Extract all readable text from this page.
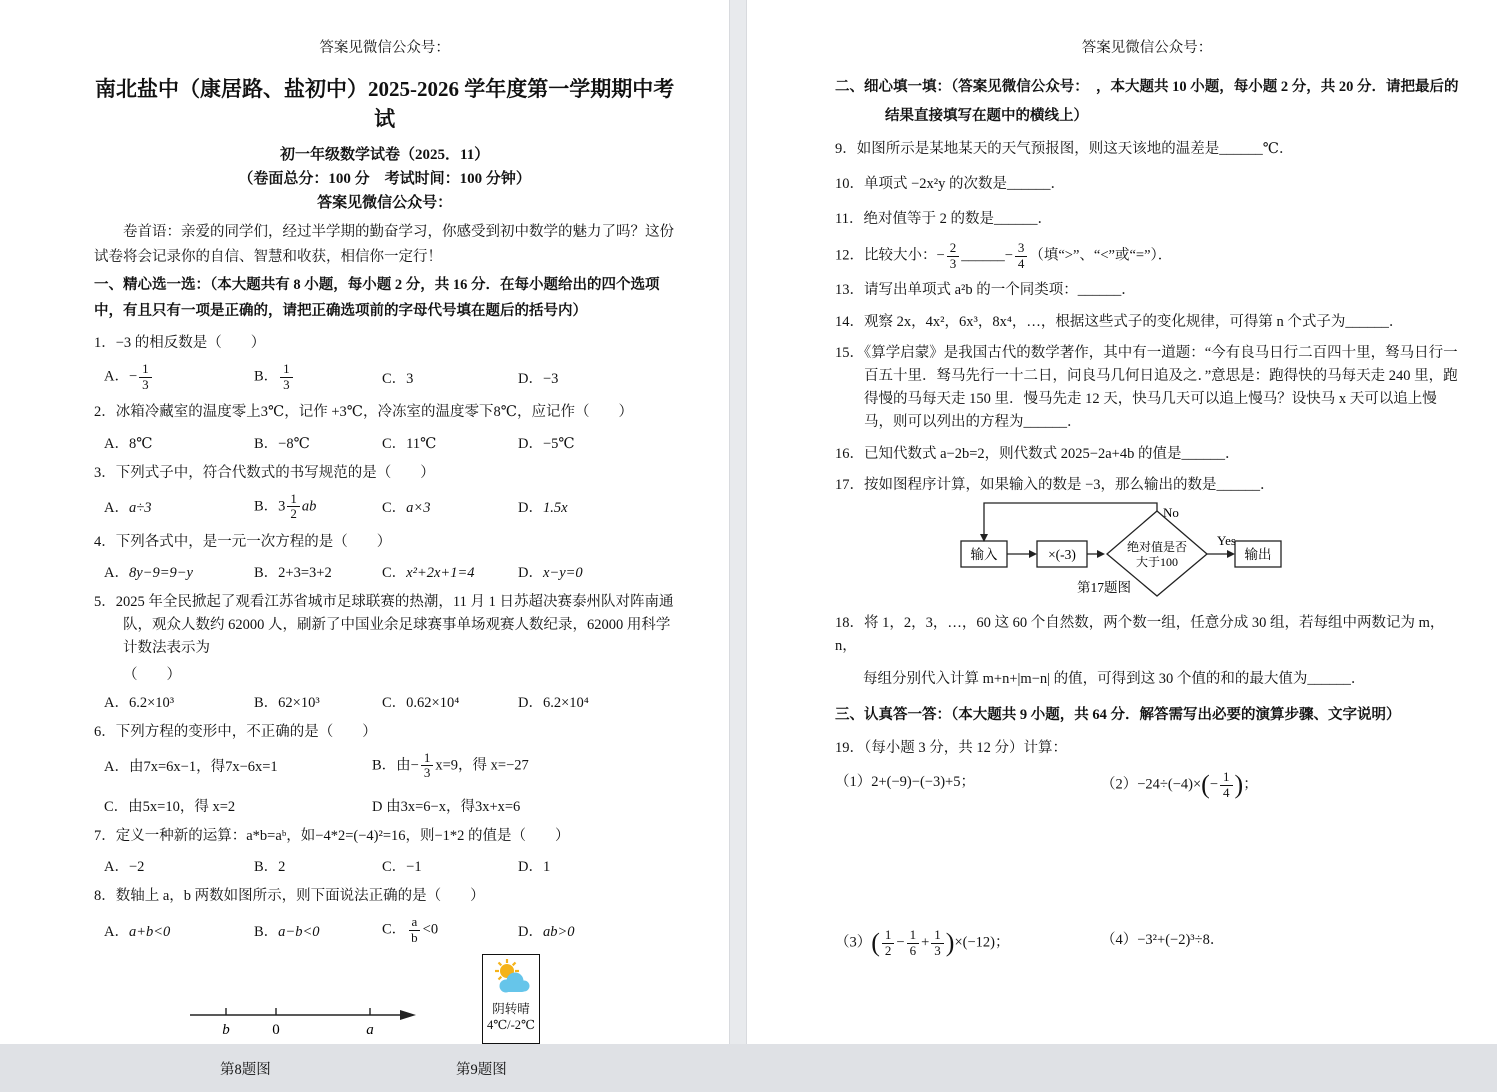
答案见微信公众号：
南北盐中（康居路、盐初中）2025-2026 学年度第一学期期中考试
初一年级数学试卷（2025．11）
（卷面总分：100 分　考试时间：100 分钟）
答案见微信公众号：
卷首语：亲爱的同学们，经过半学期的勤奋学习，你感受到初中数学的魅力了吗？这份试卷将会记录你的自信、智慧和收获，相信你一定行！
一、精心选一选：（本大题共有 8 小题，每小题 2 分，共 16 分．在每小题给出的四个选项中，有且只有一项是正确的，请把正确选项前的字母代号填在题后的括号内）
1．−3 的相反数是（　　）
A．− $\frac{1}{3}$	B． $\frac{1}{3}$	C．3	D．−3
2．冰箱冷藏室的温度零上3℃，记作 +3℃，冷冻室的温度零下8℃，应记作（　　）
A．8℃	B．−8℃	C．11℃	D．−5℃
3．下列式子中，符合代数式的书写规范的是（　　）
A．a÷3	B．$3 \frac{1}{2}$ ab	C．a×3	D．1.5x
4．下列各式中，是一元一次方程的是（　　）
A．8y−9=9−y	B．2+3=3+2	C．x²+2x+1=4	D．x−y=0
5．2025 年全民掀起了观看江苏省城市足球联赛的热潮，11 月 1 日苏超决赛泰州队对阵南通队，观众人数约 62000 人，刷新了中国业余足球赛事单场观赛人数纪录，62000 用科学计数法表示为
（　　）
A．6.2×10³	B．62×10³	C．0.62×10⁴	D．6.2×10⁴
6．下列方程的变形中，不正确的是（　　）
A．由7x=6x−1，得7x−6x=1	B．由− $\frac{1}{3} x=9$，得 x=−27
C．由5x=10，得 x=2	D 由3x=6−x，得3x+x=6
7．定义一种新的运算：a*b=aᵇ，如−4*2=(−4)²=16，则−1*2 的值是（　　）
A．−2	B．2	C．−1	D．1
8．数轴上 a，b 两数如图所示，则下面说法正确的是（　　）
A．a+b<0	B．a−b<0	C． $\frac{a}{b} <0$	D．ab>0
b	0	a
阴转晴
4℃/-2℃
第8题图	第9题图
答案见微信公众号：
二、细心填一填：（答案见微信公众号：　，本大题共 10 小题，每小题 2 分，共 20 分．请把最后的
结果直接填写在题中的横线上）
9．如图所示是某地某天的天气预报图，则这天该地的温差是______℃．
10．单项式 −2x²y 的次数是______．
11．绝对值等于 2 的数是______．
12．比较大小：− $\frac{2}{3}$ ______− $\frac{3}{4}$ （填“>”、“<”或“=”）．
13．请写出单项式 a²b 的一个同类项：______．
14．观察 2x，4x²，6x³，8x⁴，…，根据这些式子的变化规律，可得第 n 个式子为______．
15．《算学启蒙》是我国古代的数学著作，其中有一道题：“今有良马日行二百四十里，驽马日行一百五十里．驽马先行一十二日，问良马几何日追及之．”意思是：跑得快的马每天走 240 里，跑得慢的马每天走 150 里．慢马先走 12 天，快马几天可以追上慢马？设快马 x 天可以追上慢马，则可以列出的方程为______．
16．已知代数式 a−2b=2，则代数式 2025−2a+4b 的值是______．
17．按如图程序计算，如果输入的数是 −3，那么输出的数是______．
No
输入	×(-3)	绝对值是否
大于100
Yes
输出
第17题图
18．将 1，2，3，…，60 这 60 个自然数，两个数一组，任意分成 30 组，若每组中两数记为 m， n，
每组分别代入计算 m+n+|m−n| 的值，可得到这 30 个值的和的最大值为______．
三、认真答一答：（本大题共 9 小题，共 64 分．解答需写出必要的演算步骤、文字说明）
19．（每小题 3 分，共 12 分）计算：
（1）2+(−9)−(−3)+5；	$(2)-24\div(-4)\times(- \frac{1}{4}$ )；
$(3)( \frac{1}{2} - \frac{1}{6} + \frac{1}{3} )\times(-12)$；	（4）−3²+(−2)³÷8．
